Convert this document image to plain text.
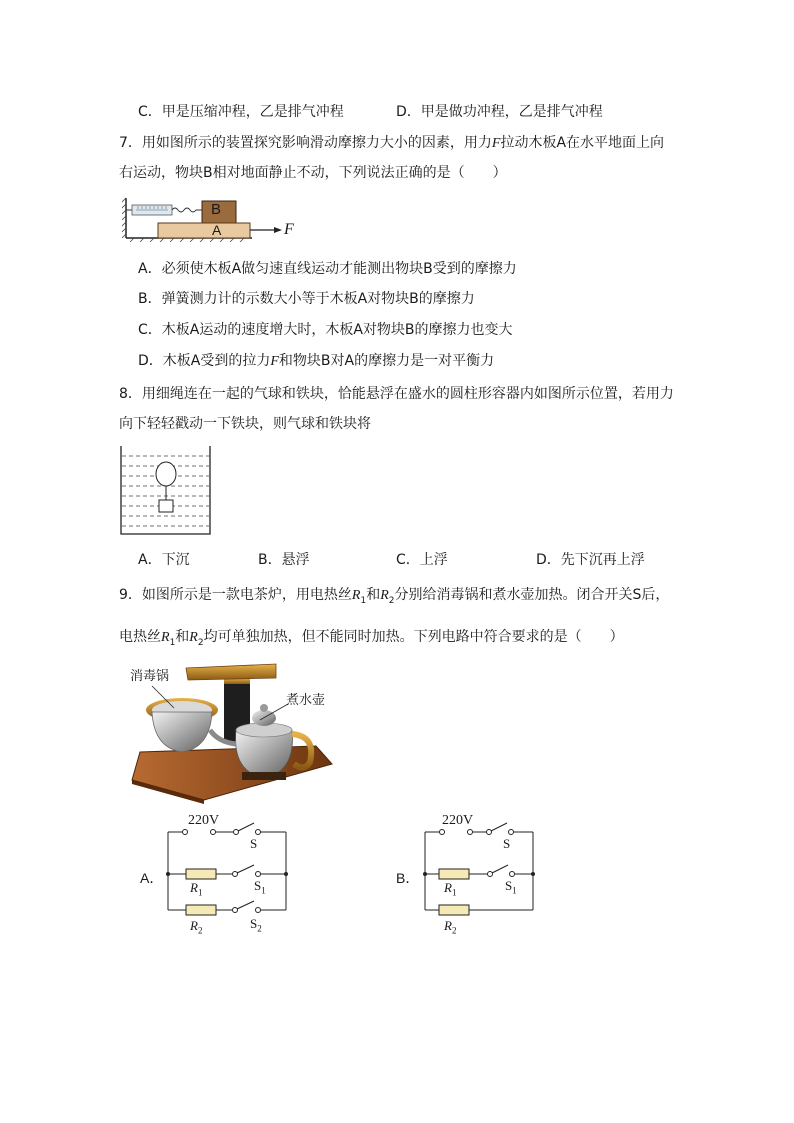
C．甲是压缩冲程，乙是排气冲程	D．甲是做功冲程，乙是排气冲程
7．用如图所示的装置探究影响滑动摩擦力大小的因素，用力F拉动木板A在水平地面上向
右运动，物块B相对地面静止不动，下列说法正确的是（　　）
B
A	F
A．必须使木板A做匀速直线运动才能测出物块B受到的摩擦力
B．弹簧测力计的示数大小等于木板A对物块B的摩擦力
C．木板A运动的速度增大时，木板A对物块B的摩擦力也变大
D．木板A受到的拉力F和物块B对A的摩擦力是一对平衡力
8．用细绳连在一起的气球和铁块，恰能悬浮在盛水的圆柱形容器内如图所示位置，若用力
向下轻轻戳动一下铁块，则气球和铁块将
A．下沉	B．悬浮	C．上浮	D．先下沉再上浮
9．如图所示是一款电茶炉，用电热丝$R_1$和$R_2$分别给消毒锅和煮水壶加热。闭合开关S后，
电热丝$R_1$和$R_2$均可单独加热，但不能同时加热。下列电路中符合要求的是（　　）
消毒锅
煮水壶
A．
220V
S
$S_1$
$S_2$
$R_1$
$R_2$
B．
220V
S
$S_1$
$R_1$
$R_2$
